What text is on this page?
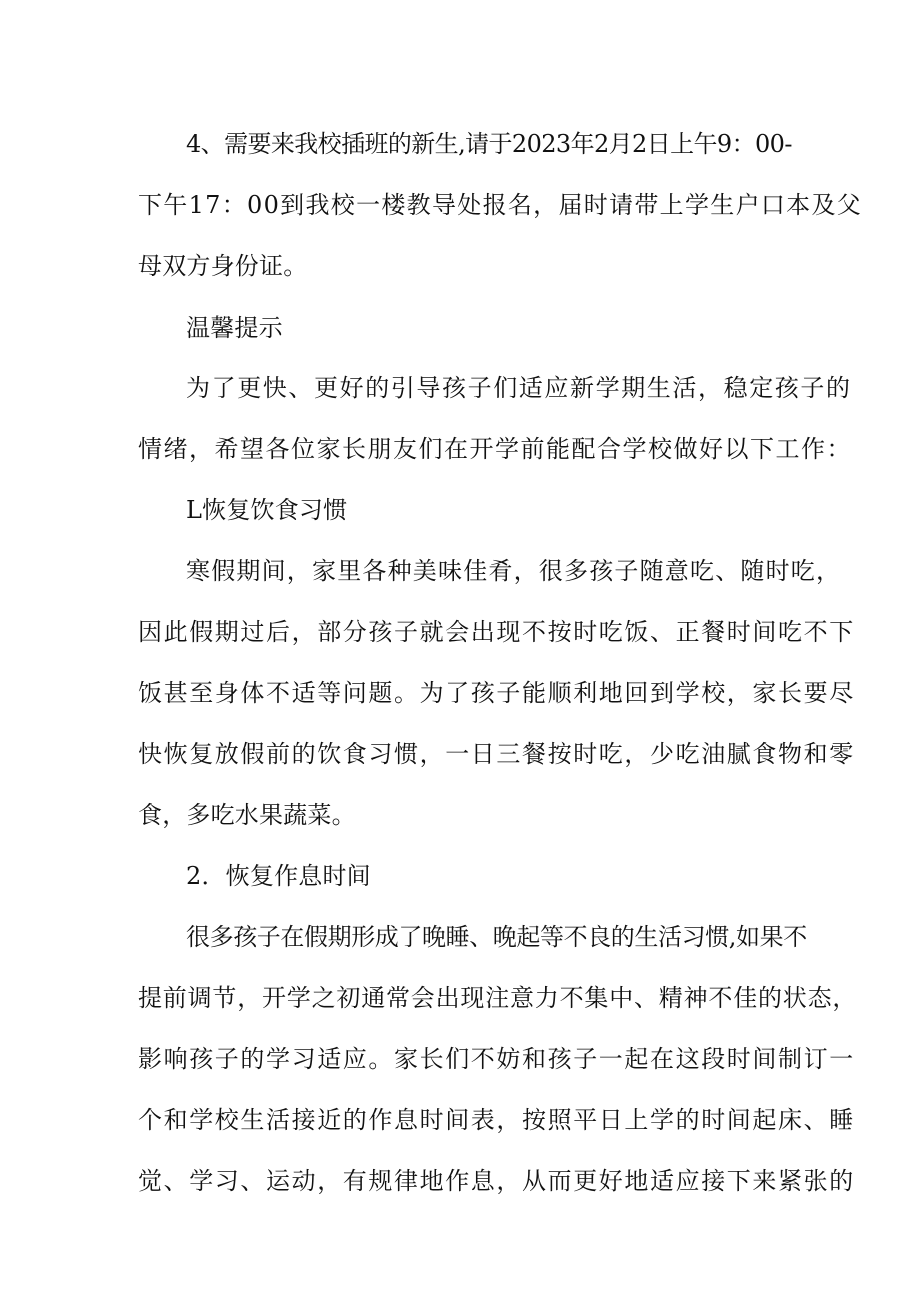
4、需要来我校插班的新生,请于2023年2月2日上午9：00-
下午17：00到我校一楼教导处报名，届时请带上学生户口本及父
母双方身份证。
温馨提示
为了更快、更好的引导孩子们适应新学期生活，稳定孩子的
情绪，希望各位家长朋友们在开学前能配合学校做好以下工作：
L恢复饮食习惯
寒假期间，家里各种美味佳肴，很多孩子随意吃、随时吃，
因此假期过后，部分孩子就会出现不按时吃饭、正餐时间吃不下
饭甚至身体不适等问题。为了孩子能顺利地回到学校，家长要尽
快恢复放假前的饮食习惯，一日三餐按时吃，少吃油腻食物和零
食，多吃水果蔬菜。
2．恢复作息时间
很多孩子在假期形成了晚睡、晚起等不良的生活习惯,如果不
提前调节，开学之初通常会出现注意力不集中、精神不佳的状态，
影响孩子的学习适应。家长们不妨和孩子一起在这段时间制订一
个和学校生活接近的作息时间表，按照平日上学的时间起床、睡
觉、学习、运动，有规律地作息，从而更好地适应接下来紧张的
